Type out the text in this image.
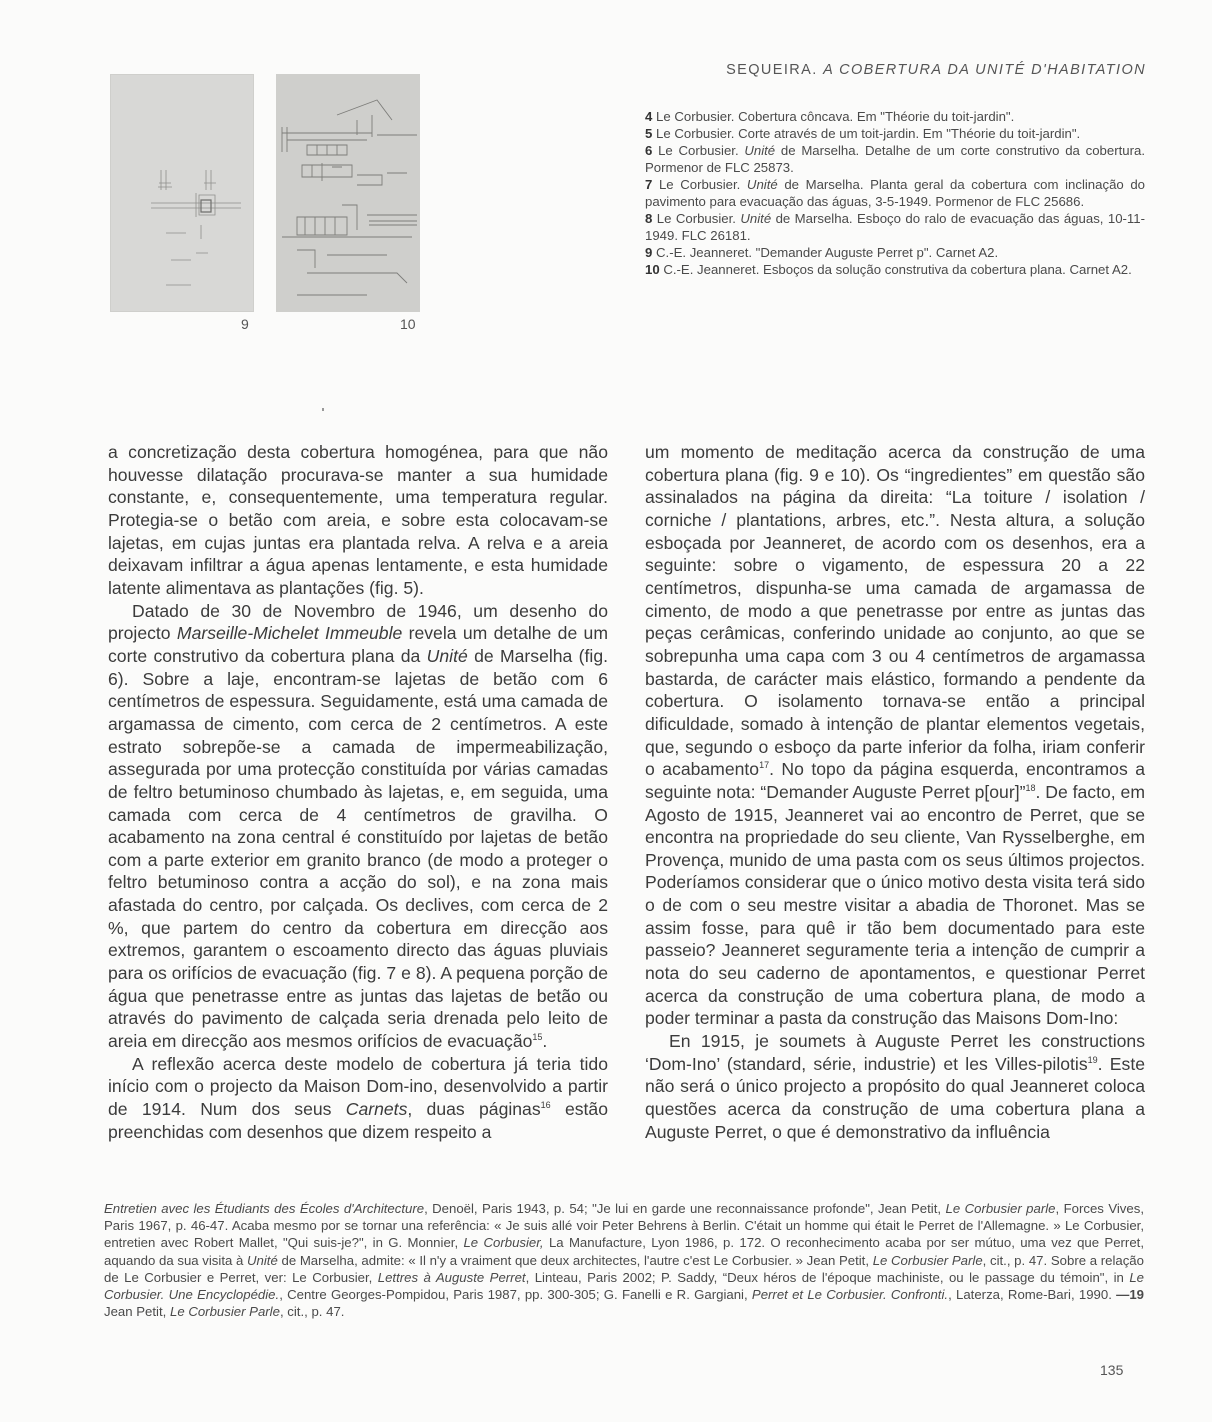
SEQUEIRA. A COBERTURA DA UNITÉ D'HABITATION
9	10

4 Le Corbusier. Cobertura côncava. Em "Théorie du toit-jardin".

5 Le Corbusier. Corte através de um toit-jardin. Em "Théorie du toit-jardin".

6 Le Corbusier. Unité de Marselha. Detalhe de um corte construtivo da cobertura. Pormenor de FLC 25873.

7 Le Corbusier. Unité de Marselha. Planta geral da cobertura com inclinação do pavimento para evacuação das águas, 3-5-1949. Pormenor de FLC 25686.

8 Le Corbusier. Unité de Marselha. Esboço do ralo de evacuação das águas, 10-11-1949. FLC 26181.

9 C.-E. Jeanneret. "Demander Auguste Perret p". Carnet A2.

10 C.-E. Jeanneret. Esboços da solução construtiva da cobertura plana. Carnet A2.

a concretização desta cobertura homogénea, para que não houvesse dilatação procurava-se manter a sua humidade constante, e, consequentemente, uma temperatura regular. Protegia-se o betão com areia, e sobre esta colocavam-se lajetas, em cujas juntas era plantada relva. A relva e a areia deixavam infiltrar a água apenas lentamente, e esta humidade latente alimentava as plantações (fig. 5).

Datado de 30 de Novembro de 1946, um desenho do projecto Marseille-Michelet Immeuble revela um detalhe de um corte construtivo da cobertura plana da Unité de Marselha (fig. 6). Sobre a laje, encontram-se lajetas de betão com 6 centímetros de espessura. Seguidamente, está uma camada de argamassa de cimento, com cerca de 2 centímetros. A este estrato sobrepõe-se a camada de impermeabilização, assegurada por uma protecção constituída por várias camadas de feltro betuminoso chumbado às lajetas, e, em seguida, uma camada com cerca de 4 centímetros de gravilha. O acabamento na zona central é constituído por lajetas de betão com a parte exterior em granito branco (de modo a proteger o feltro betuminoso contra a acção do sol), e na zona mais afastada do centro, por calçada. Os declives, com cerca de 2 %, que partem do centro da cobertura em direcção aos extremos, garantem o escoamento directo das águas pluviais para os orifícios de evacuação (fig. 7 e 8). A pequena porção de água que penetrasse entre as juntas das lajetas de betão ou através do pavimento de calçada seria drenada pelo leito de areia em direcção aos mesmos orifícios de evacuação$^{15}$.

A reflexão acerca deste modelo de cobertura já teria tido início com o projecto da Maison Dom-ino, desenvolvido a partir de 1914. Num dos seus Carnets, duas páginas$^{16}$ estão preenchidas com desenhos que dizem respeito a

um momento de meditação acerca da construção de uma cobertura plana (fig. 9 e 10). Os “ingredientes” em questão são assinalados na página da direita: “La toiture / isolation / corniche / plantations, arbres, etc.”. Nesta altura, a solução esboçada por Jeanneret, de acordo com os desenhos, era a seguinte: sobre o vigamento, de espessura 20 a 22 centímetros, dispunha-se uma camada de argamassa de cimento, de modo a que penetrasse por entre as juntas das peças cerâmicas, conferindo unidade ao conjunto, ao que se sobrepunha uma capa com 3 ou 4 centímetros de argamassa bastarda, de carácter mais elástico, formando a pendente da cobertura. O isolamento tornava-se então a principal dificuldade, somado à intenção de plantar elementos vegetais, que, segundo o esboço da parte inferior da folha, iriam conferir o acabamento$^{17}$. No topo da página esquerda, encontramos a seguinte nota: “Demander Auguste Perret p[our]”$^{18}$. De facto, em Agosto de 1915, Jeanneret vai ao encontro de Perret, que se encontra na propriedade do seu cliente, Van Rysselberghe, em Provença, munido de uma pasta com os seus últimos projectos. Poderíamos considerar que o único motivo desta visita terá sido o de com o seu mestre visitar a abadia de Thoronet. Mas se assim fosse, para quê ir tão bem documentado para este passeio? Jeanneret seguramente teria a intenção de cumprir a nota do seu caderno de apontamentos, e questionar Perret acerca da construção de uma cobertura plana, de modo a poder terminar a pasta da construção das Maisons Dom-Ino:

En 1915, je soumets à Auguste Perret les constructions ‘Dom-Ino’ (standard, série, industrie) et les Villes-pilotis$^{19}$. Este não será o único projecto a propósito do qual Jeanneret coloca questões acerca da construção de uma cobertura plana a Auguste Perret, o que é demonstrativo da influência

Entretien avec les Étudiants des Écoles d'Architecture, Denoël, Paris 1943, p. 54; "Je lui en garde une reconnaissance profonde", Jean Petit, Le Corbusier parle, Forces Vives, Paris 1967, p. 46-47. Acaba mesmo por se tornar una referência: « Je suis allé voir Peter Behrens à Berlin. C'était un homme qui était le Perret de l'Allemagne. » Le Corbusier, entretien avec Robert Mallet, "Qui suis-je?", in G. Monnier, Le Corbusier, La Manufacture, Lyon 1986, p. 172. O reconhecimento acaba por ser mútuo, uma vez que Perret, aquando da sua visita à Unité de Marselha, admite: « Il n'y a vraiment que deux architectes, l'autre c'est Le Corbusier. » Jean Petit, Le Corbusier Parle, cit., p. 47. Sobre a relação de Le Corbusier e Perret, ver: Le Corbusier, Lettres à Auguste Perret, Linteau, Paris 2002; P. Saddy, “Deux héros de l'époque machiniste, ou le passage du témoin", in Le Corbusier. Une Encyclopédie., Centre Georges-Pompidou, Paris 1987, pp. 300-305; G. Fanelli e R. Gargiani, Perret et Le Corbusier. Confronti., Laterza, Rome-Bari, 1990. —19 Jean Petit, Le Corbusier Parle, cit., p. 47.
135
